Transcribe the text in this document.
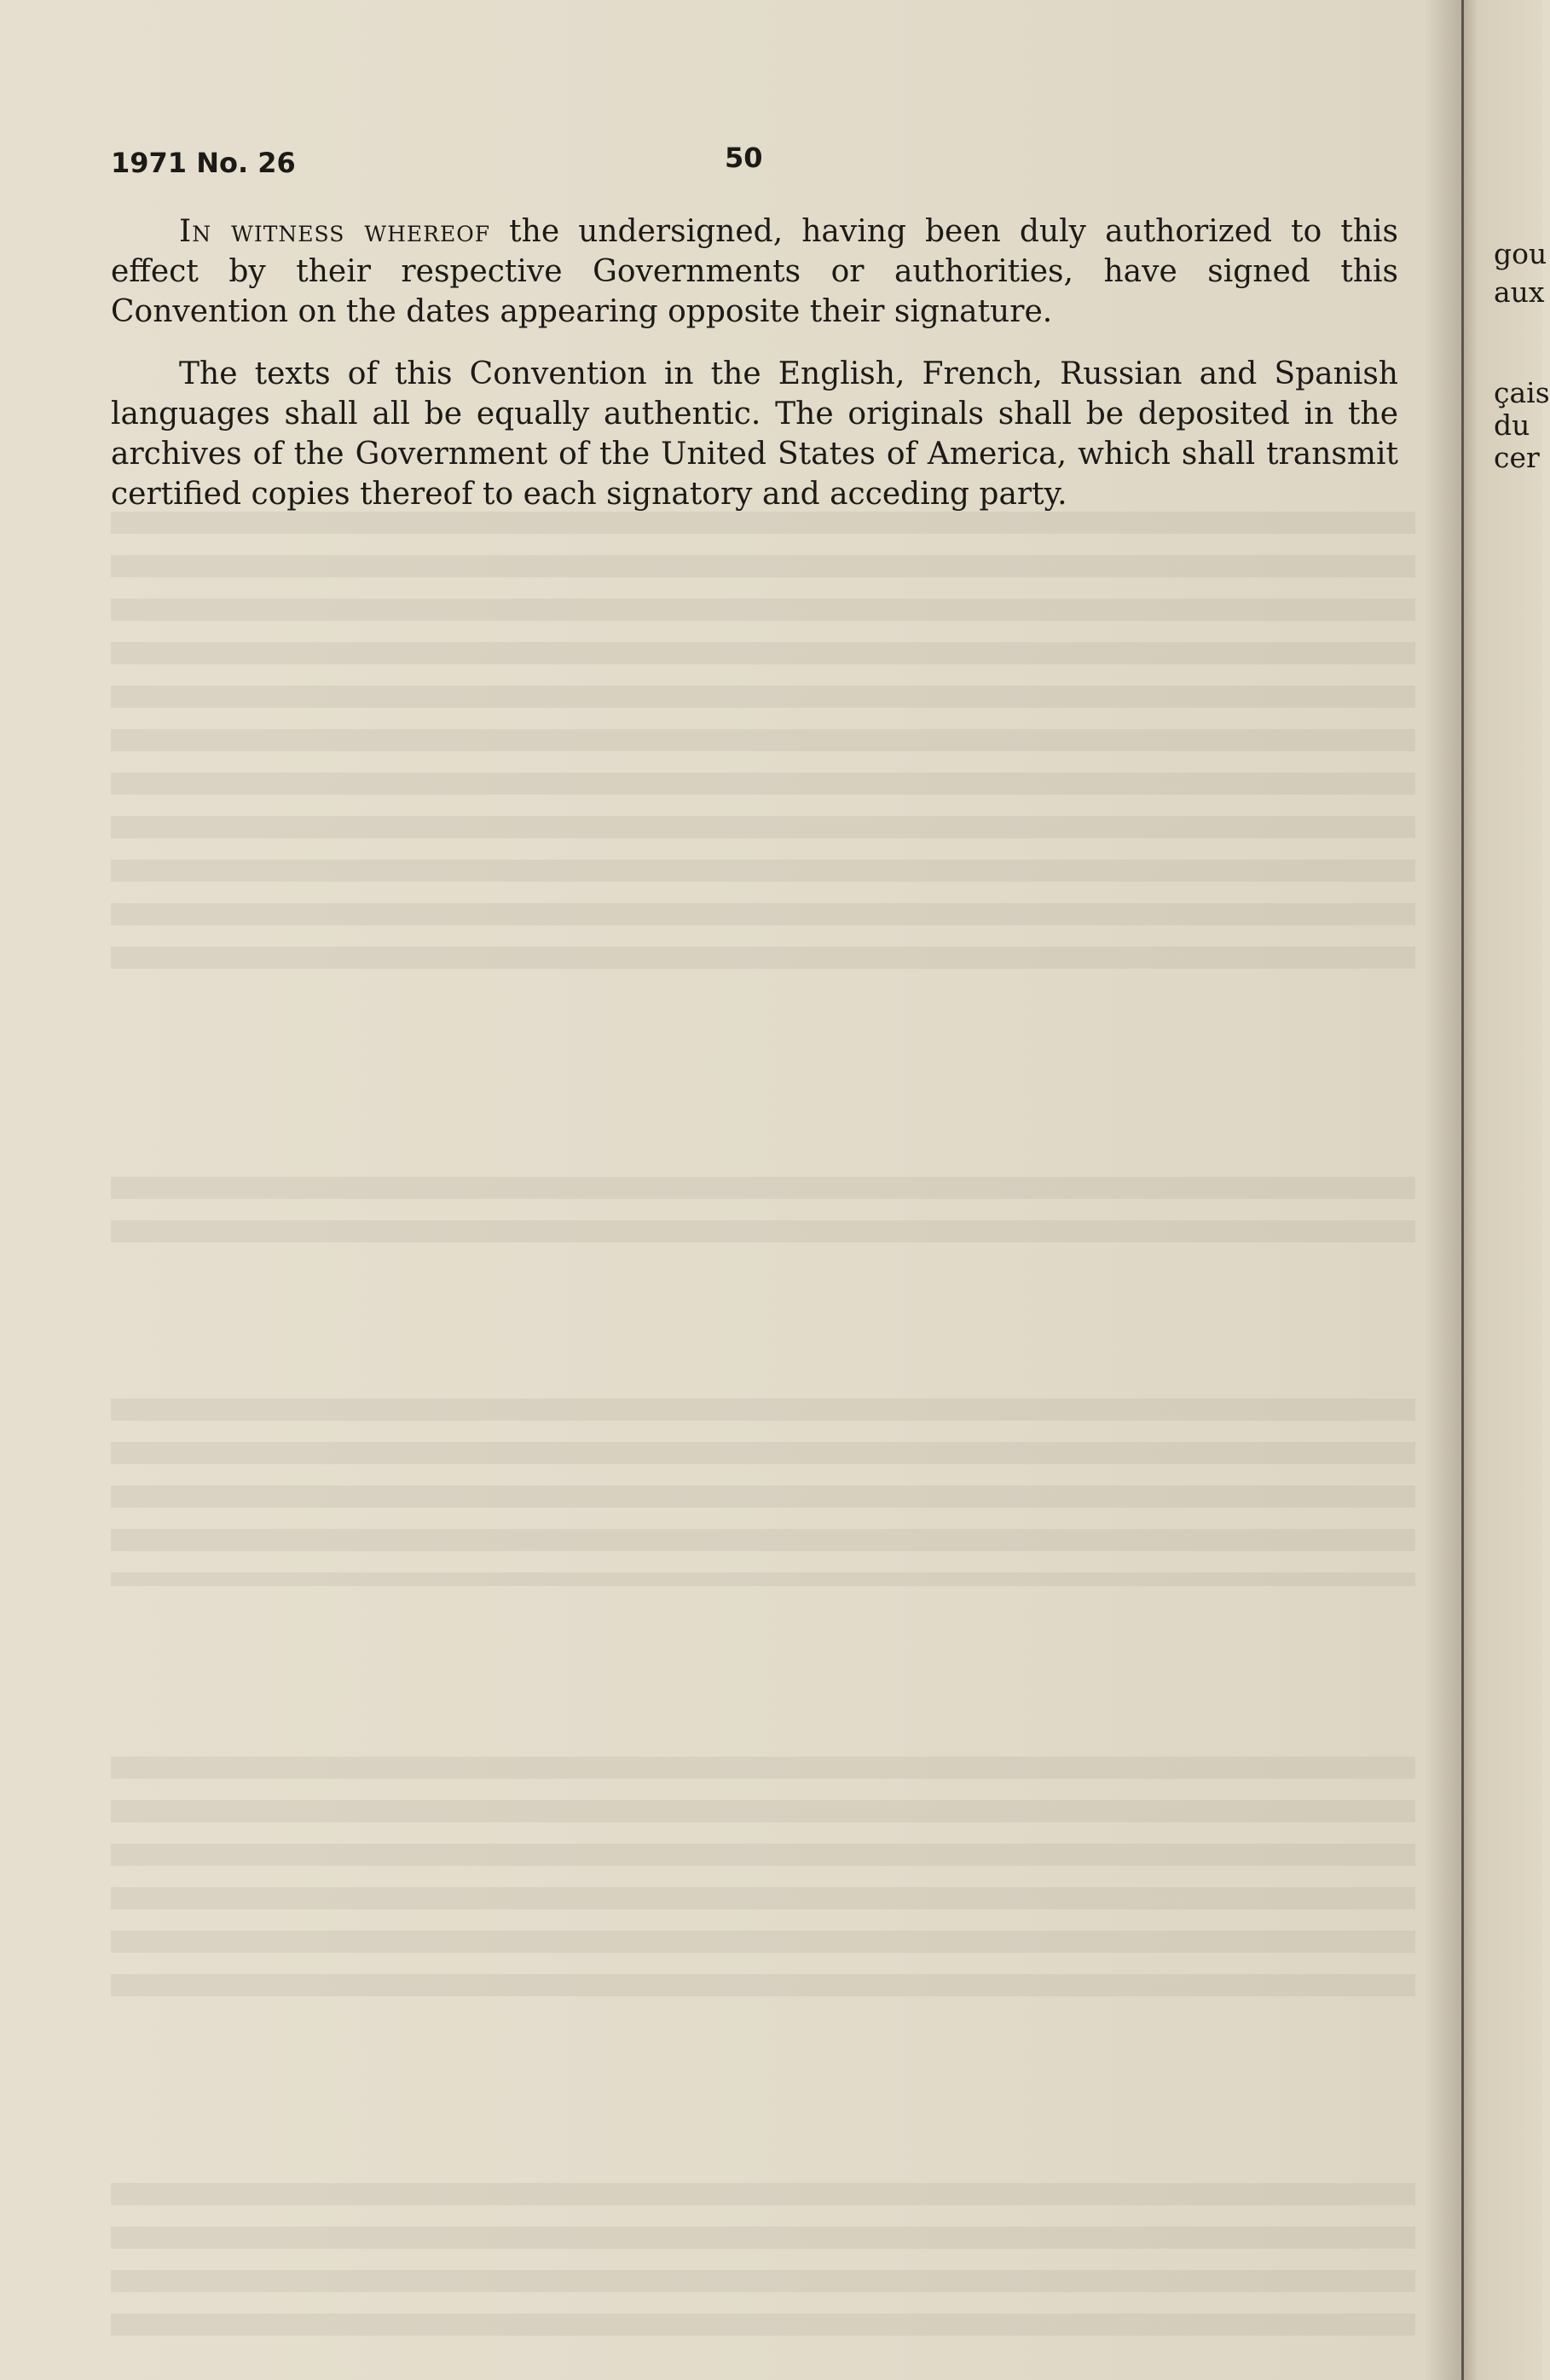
1971 No. 26	50

In witness whereof the undersigned, having been duly authorized to this effect by their respective Governments or authorities, have signed this Convention on the dates appearing opposite their signature.

The texts of this Convention in the English, French, Russian and Spanish languages shall all be equally authentic. The originals shall be deposited in the archives of the Government of the United States of America, which shall transmit certified copies thereof to each signatory and acceding party.

gou
aux
çais
du
cer
